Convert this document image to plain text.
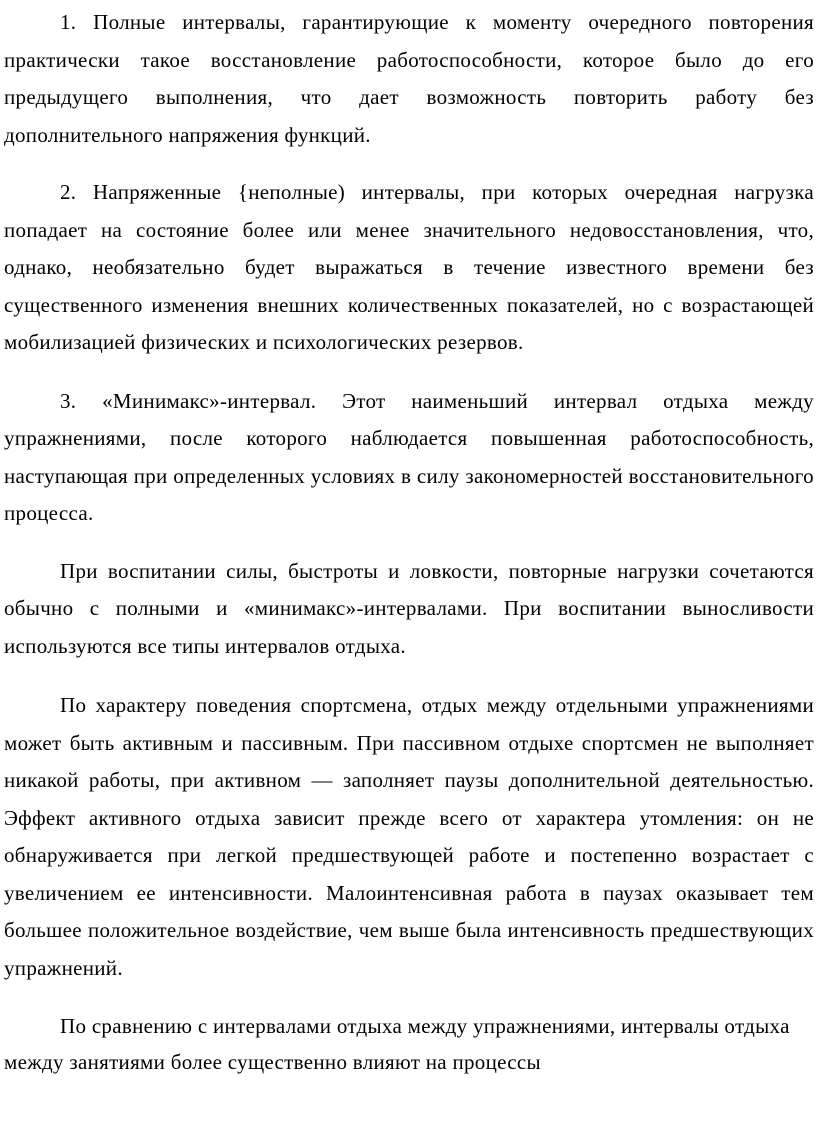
1. Полные интервалы, гарантирующие к моменту очередного повторения практически такое восстановление работоспособности, которое было до его предыдущего выполнения, что дает возможность повторить работу без дополнительного напряжения функций.

2. Напряженные {неполные) интервалы, при которых очередная нагрузка попадает на состояние более или менее значительного недовосстановления, что, однако, необязательно будет выражаться в течение известного времени без существенного изменения внешних количественных показателей, но с возрастающей мобилизацией физических и психологических резервов.

3. «Минимакс»-интервал. Этот наименьший интервал отдыха между упражнениями, после которого наблюдается повышенная работоспособность, наступающая при определенных условиях в силу закономерностей восстановительного процесса.

При воспитании силы, быстроты и ловкости, повторные нагрузки сочетаются обычно с полными и «минимакс»-интервалами. При воспитании выносливости используются все типы интервалов отдыха.

По характеру поведения спортсмена, отдых между отдельными упражнениями может быть активным и пассивным. При пассивном отдыхе спортсмен не выполняет никакой работы, при активном — заполняет паузы дополнительной деятельностью. Эффект активного отдыха зависит прежде всего от характера утомления: он не обнаруживается при легкой предшествующей работе и постепенно возрастает с увеличением ее интенсивности. Малоинтенсивная работа в паузах оказывает тем большее положительное воздействие, чем выше была интенсивность предшествующих упражнений.

По сравнению с интервалами отдыха между упражнениями, интервалы отдыха между занятиями более существенно влияют на процессы
